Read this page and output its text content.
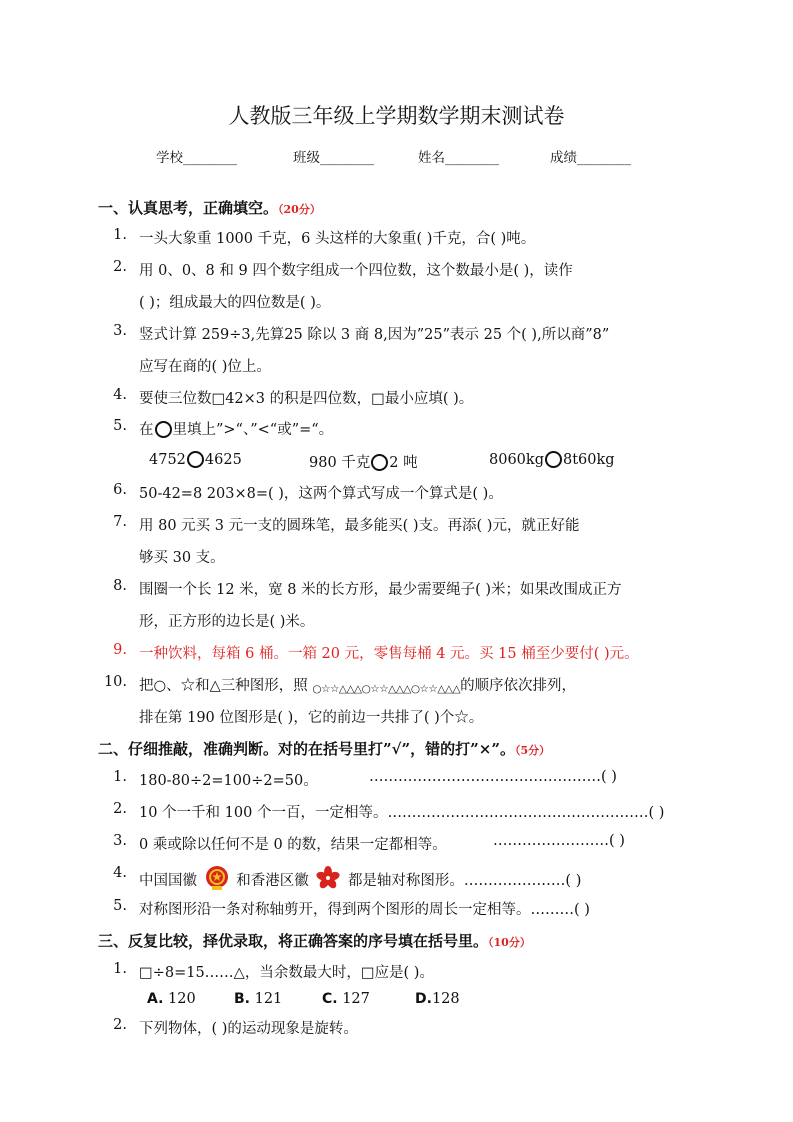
人教版三年级上学期数学期末测试卷
学校________	班级________	姓名________	成绩________
一、认真思考，正确填空。（20分）
1. 一头大象重 1000 千克，6 头这样的大象重( )千克，合( )吨。
2. 用 0、0、8 和 9 四个数字组成一个四位数，这个数最小是( )，读作
( )；组成最大的四位数是( )。
3. 竖式计算 259÷3,先算25 除以 3 商 8,因为”25”表示 25 个( ),所以商”8”
应写在商的( )位上。
4. 要使三位数□42×3 的积是四位数，□最小应填( )。
5. 在 里填上”>“、”<“或”=“。
4752 4625	980 千克 2 吨	8060kg 8t60kg
6. 50-42=8 203×8=( )，这两个算式写成一个算式是( )。
7. 用 80 元买 3 元一支的圆珠笔，最多能买( )支。再添( )元，就正好能
够买 30 支。
8. 围圈一个长 12 米，宽 8 米的长方形，最少需要绳子( )米；如果改围成正方
形，正方形的边长是( )米。
9. 一种饮料，每箱 6 桶。一箱 20 元，零售每桶 4 元。买 15 桶至少要付( )元。
10. 把○、☆和△三种图形，照 ○☆☆△△△○☆☆△△△○☆☆△△△的顺序依次排列，
排在第 190 位图形是( )，它的前边一共排了( )个☆。
二、仔细推敲，准确判断。对的在括号里打”√”，错的打”×”。（5分）
1. 180-80÷2=100÷2=50。	…………………………………………( )
2. 10 个一千和 100 个一百，一定相等。………………………………………………( )
3. 0 乘或除以任何不是 0 的数，结果一定都相等。	……………………( )
4. 中国国徽	和香港区徽	都是轴对称图形。…………………( )
5. 对称图形沿一条对称轴剪开，得到两个图形的周长一定相等。………( )
三、反复比较，择优录取，将正确答案的序号填在括号里。（10分）
1. □÷8=15……△，当余数最大时，□应是( )。
A. 120	B. 121	C. 127	D.128
2. 下列物体，( )的运动现象是旋转。
